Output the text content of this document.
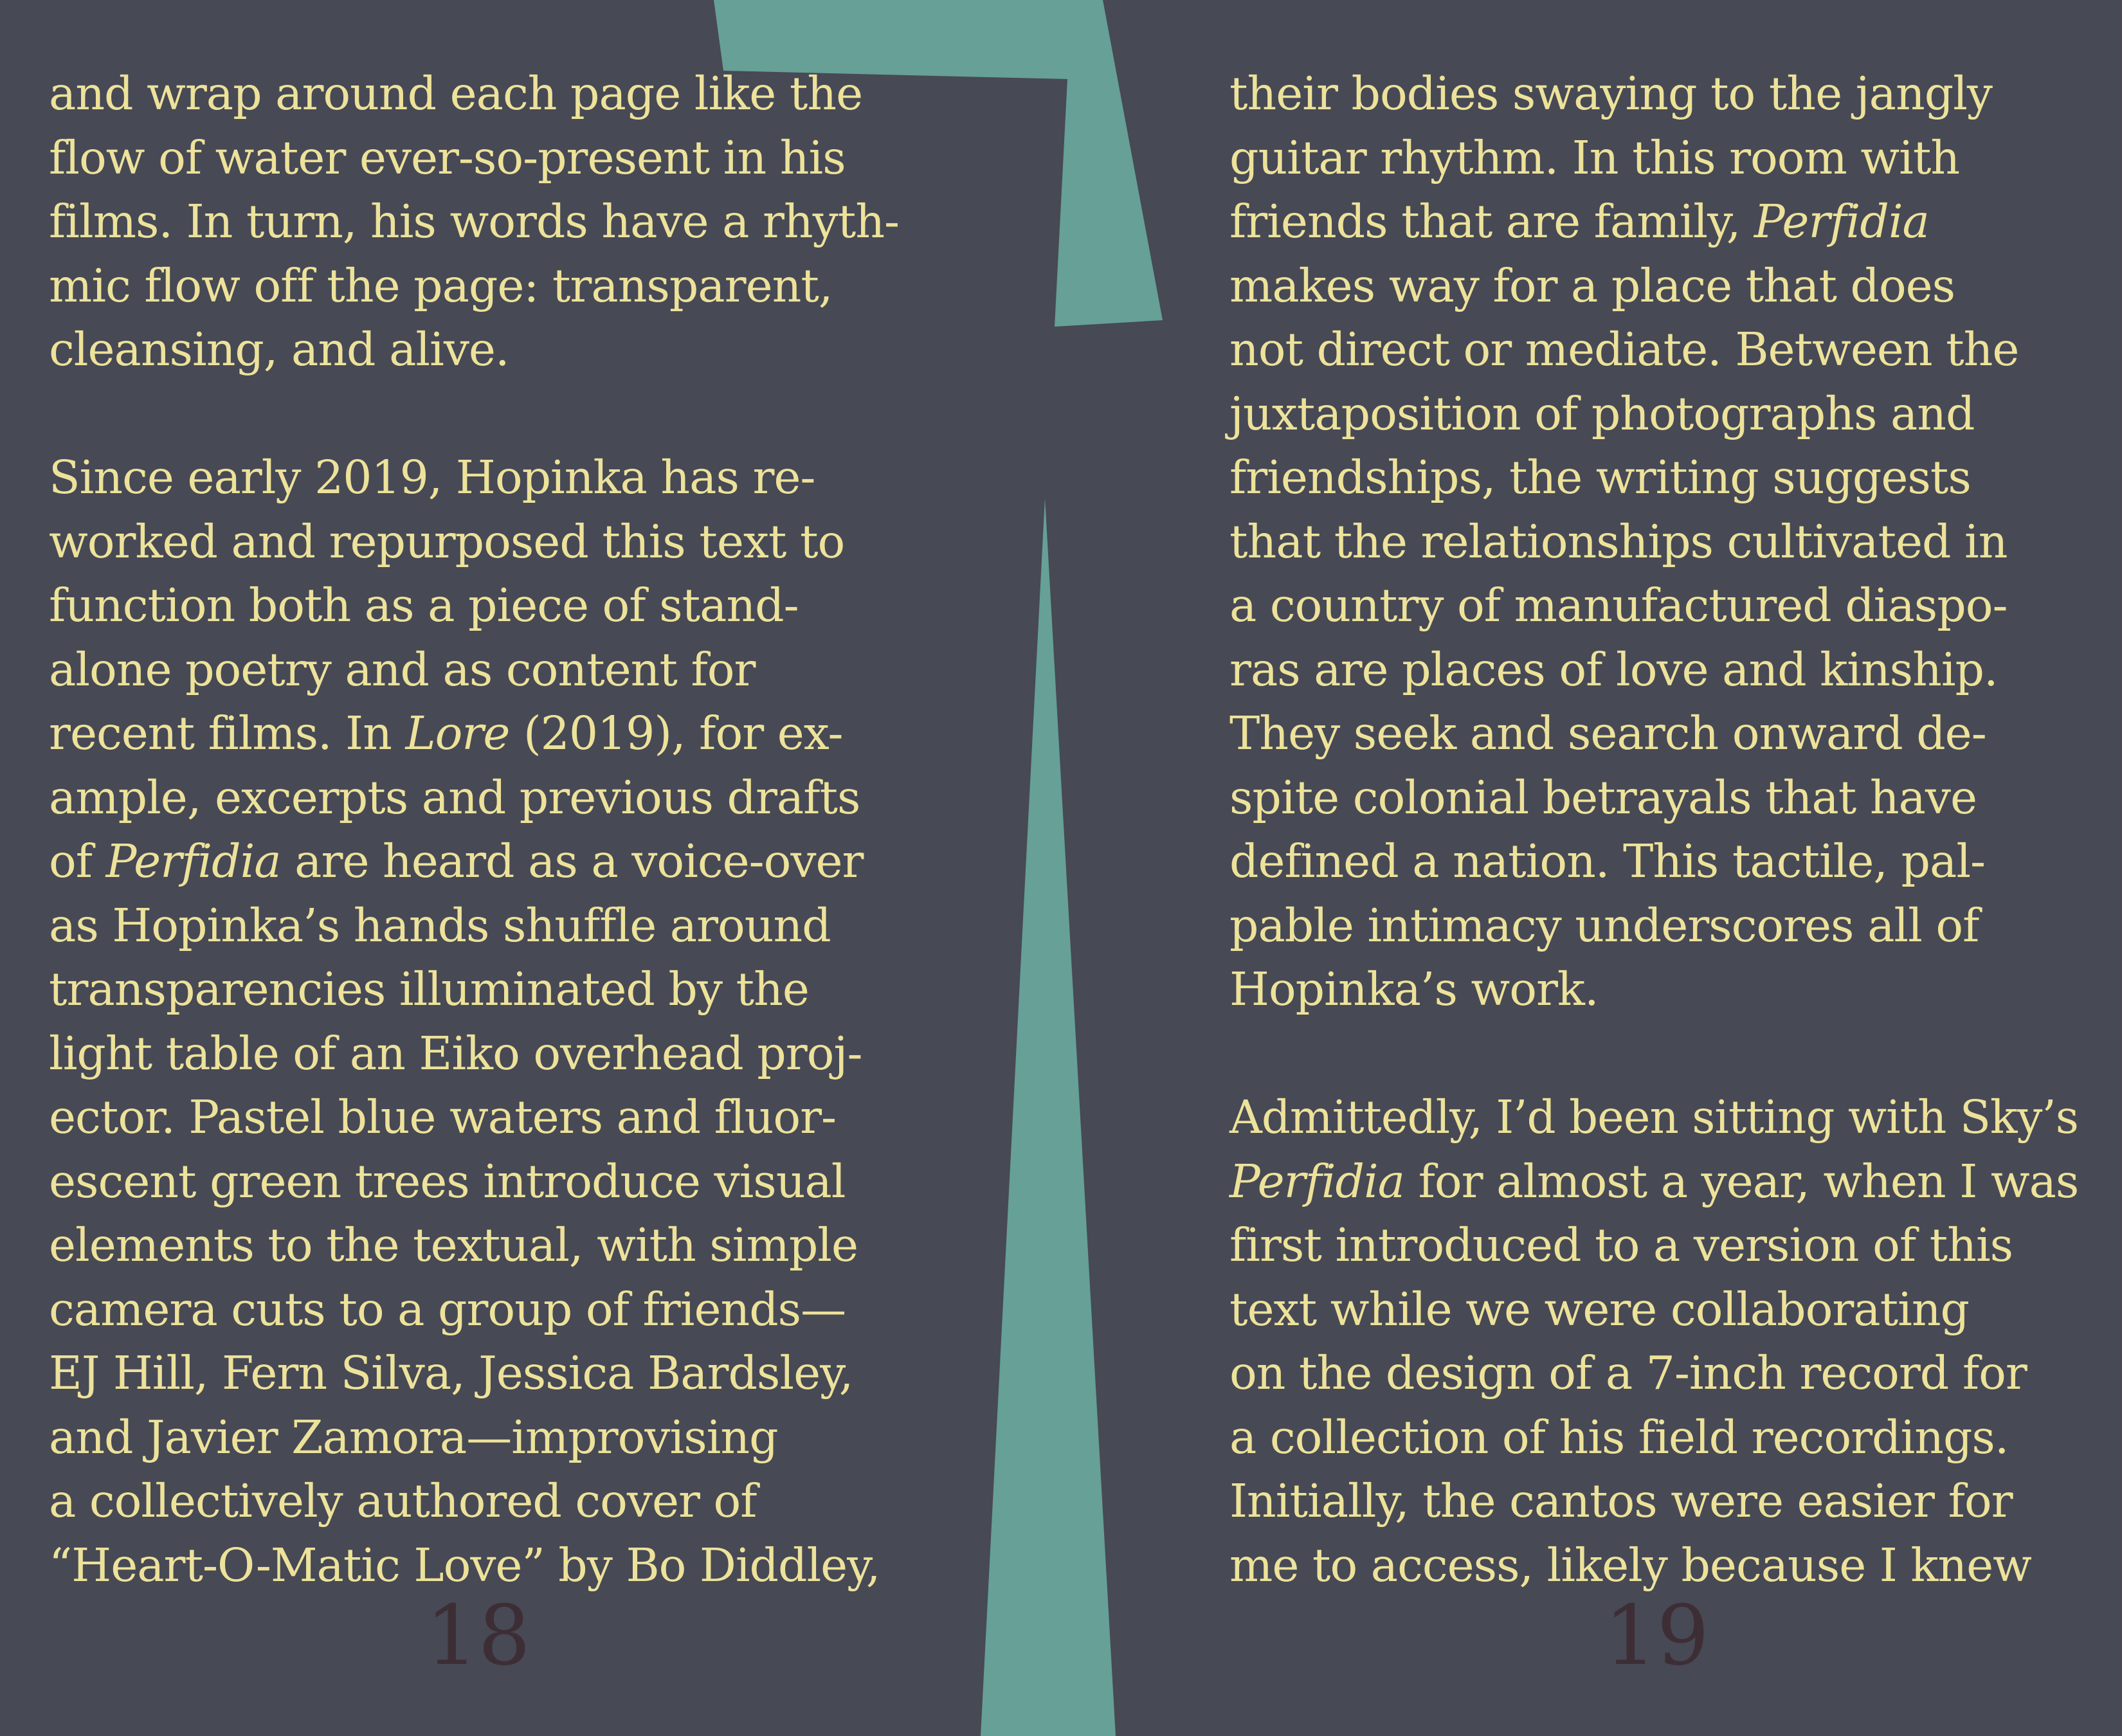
and wrap around each page like the
flow of water ever-so-present in his
films. In turn, his words have a rhyth-
mic flow off the page: transparent,
cleansing, and alive.
Since early 2019, Hopinka has re-
worked and repurposed this text to
function both as a piece of stand-
alone poetry and as content for
recent films. In Lore (2019), for ex-
ample, excerpts and previous drafts
of Perfidia are heard as a voice-over
as Hopinka’s hands shuffle around
transparencies illuminated by the
light table of an Eiko overhead proj-
ector. Pastel blue waters and fluor-
escent green trees introduce visual
elements to the textual, with simple
camera cuts to a group of friends—
EJ Hill, Fern Silva, Jessica Bardsley,
and Javier Zamora—improvising
a collectively authored cover of
“Heart-O-Matic Love” by Bo Diddley,
18
their bodies swaying to the jangly
guitar rhythm. In this room with
friends that are family, Perfidia
makes way for a place that does
not direct or mediate. Between the
juxtaposition of photographs and
friendships, the writing suggests
that the relationships cultivated in
a country of manufactured diaspo-
ras are places of love and kinship.
They seek and search onward de-
spite colonial betrayals that have
defined a nation. This tactile, pal-
pable intimacy underscores all of
Hopinka’s work.
Admittedly, I’d been sitting with Sky’s
Perfidia for almost a year, when I was
first introduced to a version of this
text while we were collaborating
on the design of a 7-inch record for
a collection of his field recordings.
Initially, the cantos were easier for
me to access, likely because I knew
19
